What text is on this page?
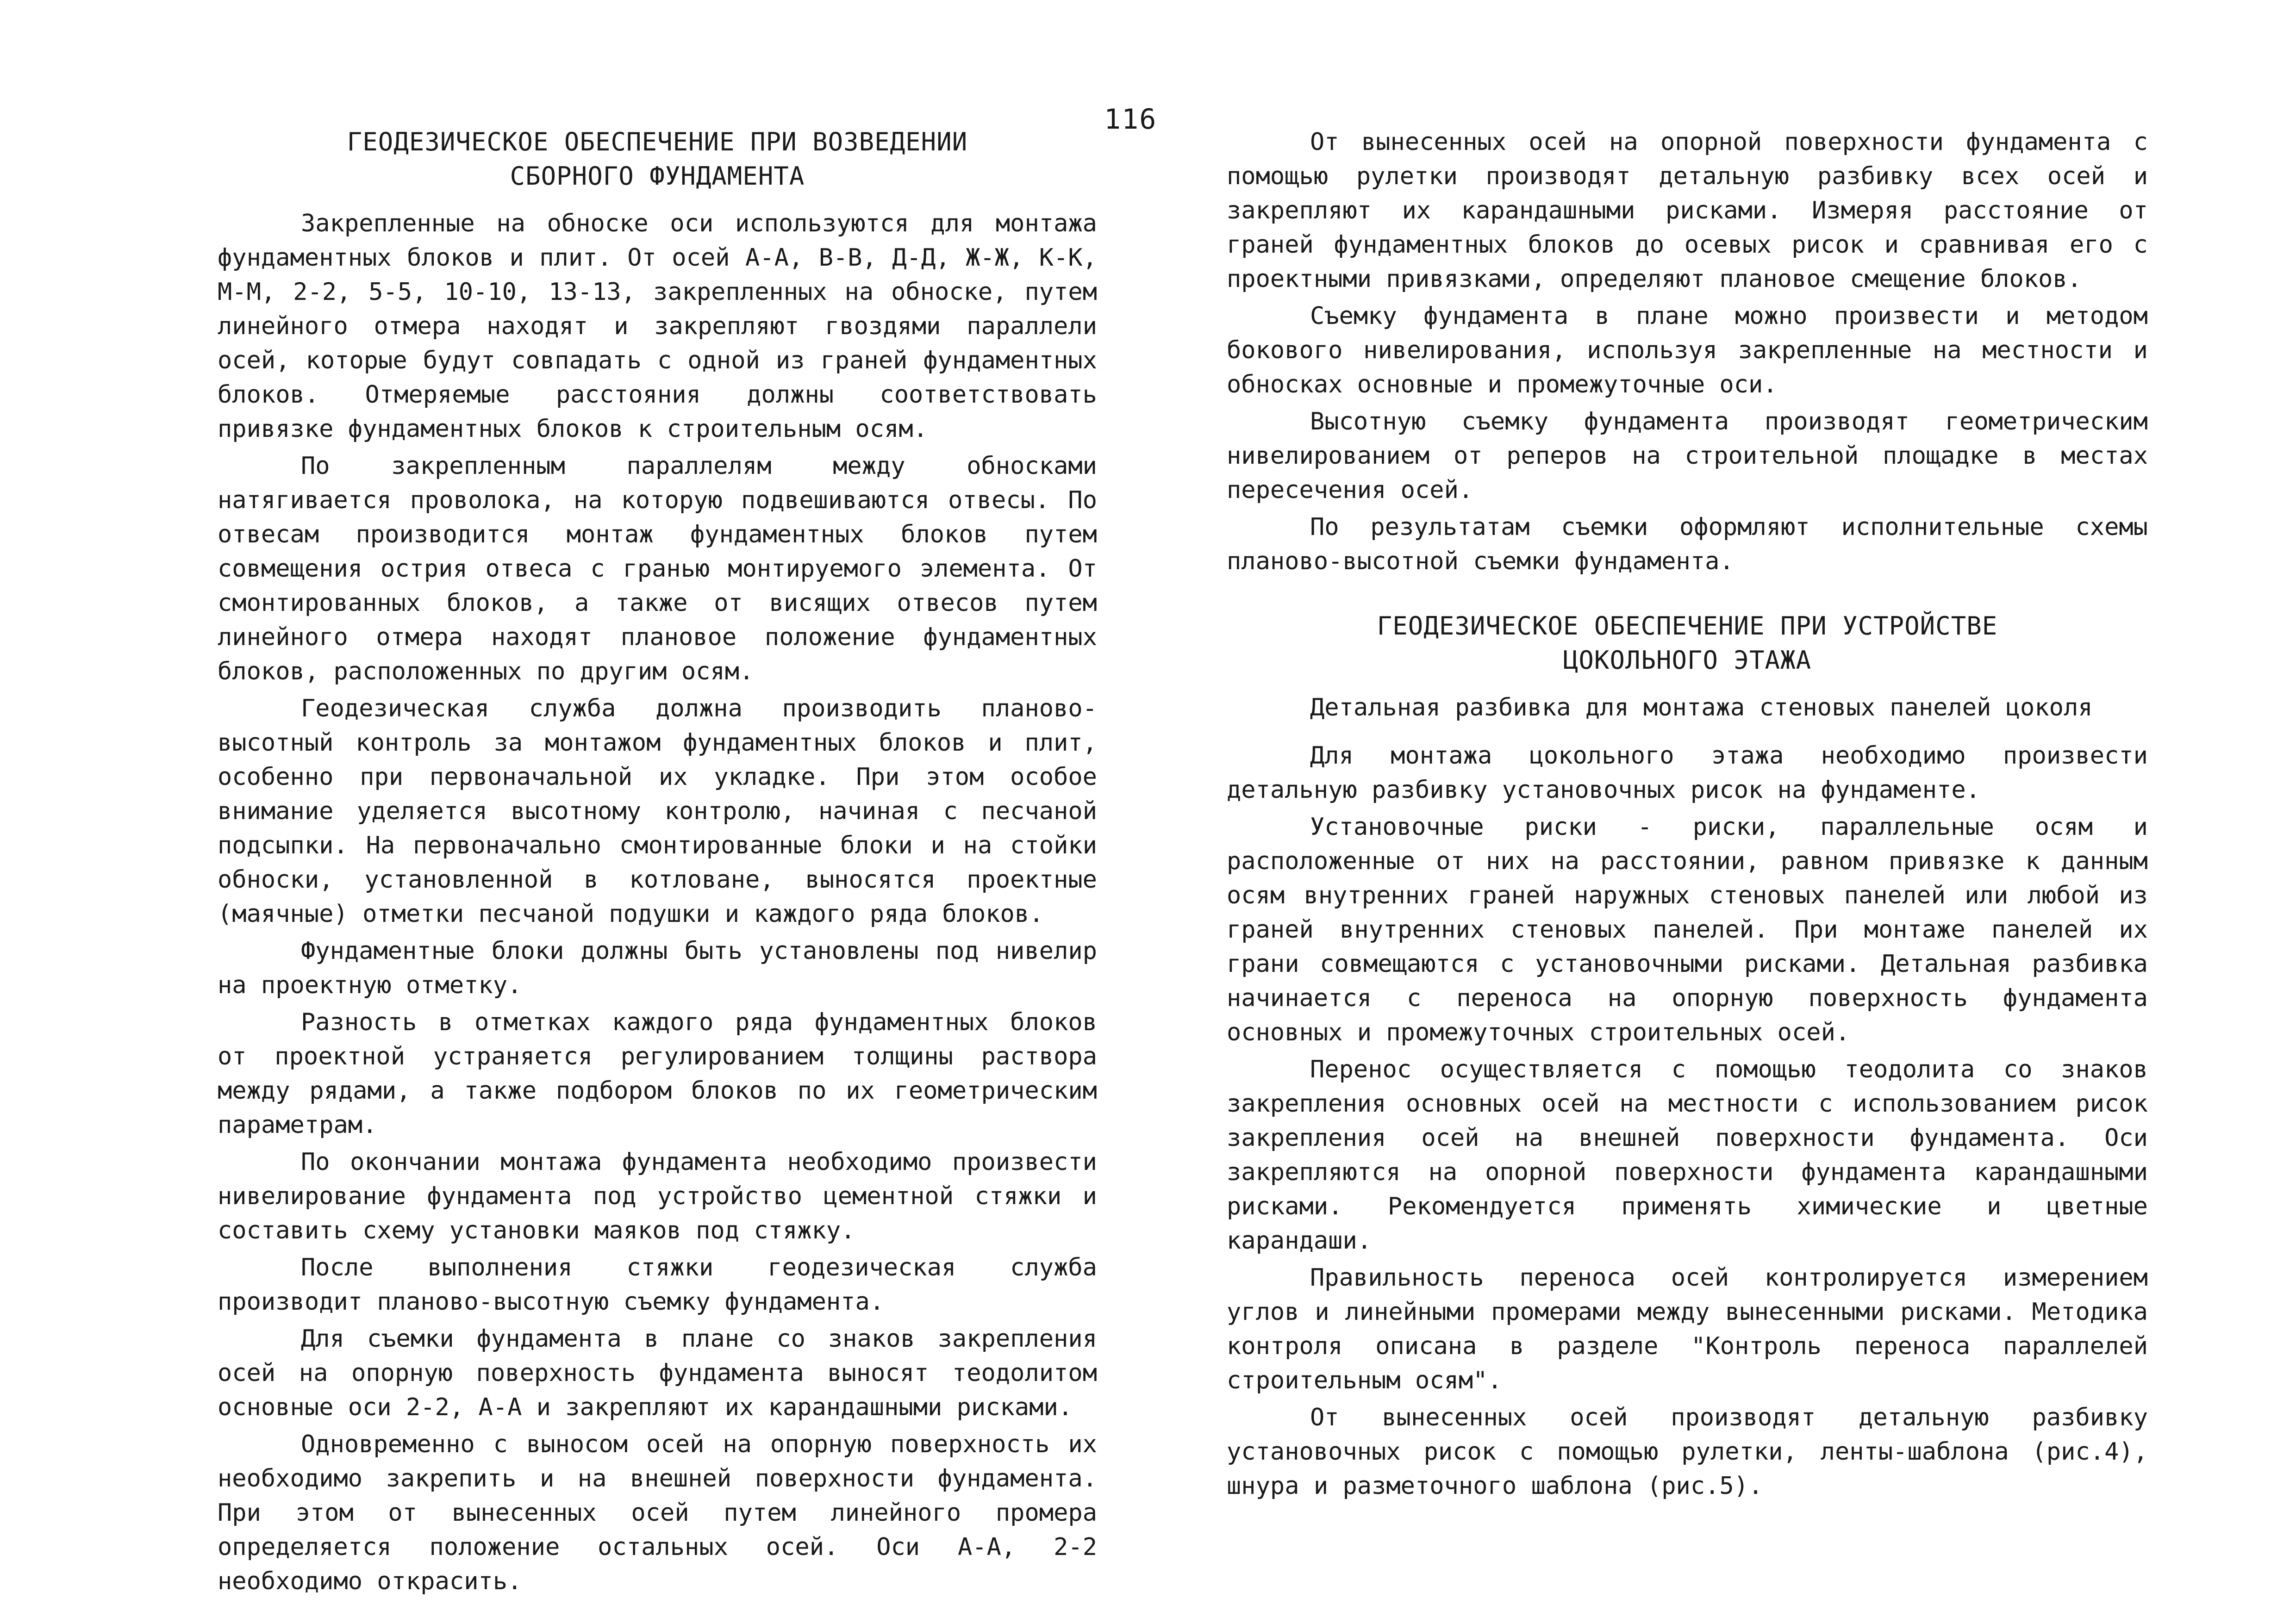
116
ГЕОДЕЗИЧЕСКОЕ ОБЕСПЕЧЕНИЕ ПРИ ВОЗВЕДЕНИИ
СБОРНОГО ФУНДАМЕНТА

Закрепленные на обноске оси используются для монтажа фундаментных блоков и плит. От осей А-А, В-В, Д-Д, Ж-Ж, К-К, М-М, 2-2, 5-5, 10-10, 13-13, закрепленных на обноске, путем линейного отмера находят и закрепляют гвоздями параллели осей, которые будут совпадать с одной из граней фундаментных блоков. Отмеряемые расстояния должны соответствовать привязке фундаментных блоков к строительным осям.

По закрепленным параллелям между обносками натягивается проволока, на которую подвешиваются отвесы. По отвесам производится монтаж фундаментных блоков путем совмещения острия отвеса с гранью монтируемого элемента. От смонтированных блоков, а также от висящих отвесов путем линейного отмера находят плановое положение фундаментных блоков, расположенных по другим осям.

Геодезическая служба должна производить планово-высотный контроль за монтажом фундаментных блоков и плит, особенно при первоначальной их укладке. При этом особое внимание уделяется высотному контролю, начиная с песчаной подсыпки. На первоначально смонтированные блоки и на стойки обноски, установленной в котловане, выносятся проектные (маячные) отметки песчаной подушки и каждого ряда блоков.

Фундаментные блоки должны быть установлены под нивелир на проектную отметку.

Разность в отметках каждого ряда фундаментных блоков от проектной устраняется регулированием толщины раствора между рядами, а также подбором блоков по их геометрическим параметрам.

По окончании монтажа фундамента необходимо произвести нивелирование фундамента под устройство цементной стяжки и составить схему установки маяков под стяжку.

После выполнения стяжки геодезическая служба производит планово-высотную съемку фундамента.

Для съемки фундамента в плане со знаков закрепления осей на опорную поверхность фундамента выносят теодолитом основные оси 2-2, А-А и закрепляют их карандашными рисками.

Одновременно с выносом осей на опорную поверхность их необходимо закрепить и на внешней поверхности фундамента. При этом от вынесенных осей путем линейного промера определяется положение остальных осей. Оси А-А, 2-2 необходимо открасить.

От вынесенных осей на опорной поверхности фундамента с помощью рулетки производят детальную разбивку всех осей и закрепляют их карандашными рисками. Измеряя расстояние от граней фундаментных блоков до осевых рисок и сравнивая его с проектными привязками, определяют плановое смещение блоков.

Съемку фундамента в плане можно произвести и методом бокового нивелирования, используя закрепленные на местности и обносках основные и промежуточные оси.

Высотную съемку фундамента производят геометрическим нивелированием от реперов на строительной площадке в местах пересечения осей.

По результатам съемки оформляют исполнительные схемы планово-высотной съемки фундамента.

ГЕОДЕЗИЧЕСКОЕ ОБЕСПЕЧЕНИЕ ПРИ УСТРОЙСТВЕ
ЦОКОЛЬНОГО ЭТАЖА
Детальная разбивка для монтажа стеновых панелей цоколя

Для монтажа цокольного этажа необходимо произвести детальную разбивку установочных рисок на фундаменте.

Установочные риски - риски, параллельные осям и расположенные от них на расстоянии, равном привязке к данным осям внутренних граней наружных стеновых панелей или любой из граней внутренних стеновых панелей. При монтаже панелей их грани совмещаются с установочными рисками. Детальная разбивка начинается с переноса на опорную поверхность фундамента основных и промежуточных строительных осей.

Перенос осуществляется с помощью теодолита со знаков закрепления основных осей на местности с использованием рисок закрепления осей на внешней поверхности фундамента. Оси закрепляются на опорной поверхности фундамента карандашными рисками. Рекомендуется применять химические и цветные карандаши.

Правильность переноса осей контролируется измерением углов и линейными промерами между вынесенными рисками. Методика контроля описана в разделе "Контроль переноса параллелей строительным осям".

От вынесенных осей производят детальную разбивку установочных рисок с помощью рулетки, ленты-шаблона (рис.4), шнура и разметочного шаблона (рис.5).
